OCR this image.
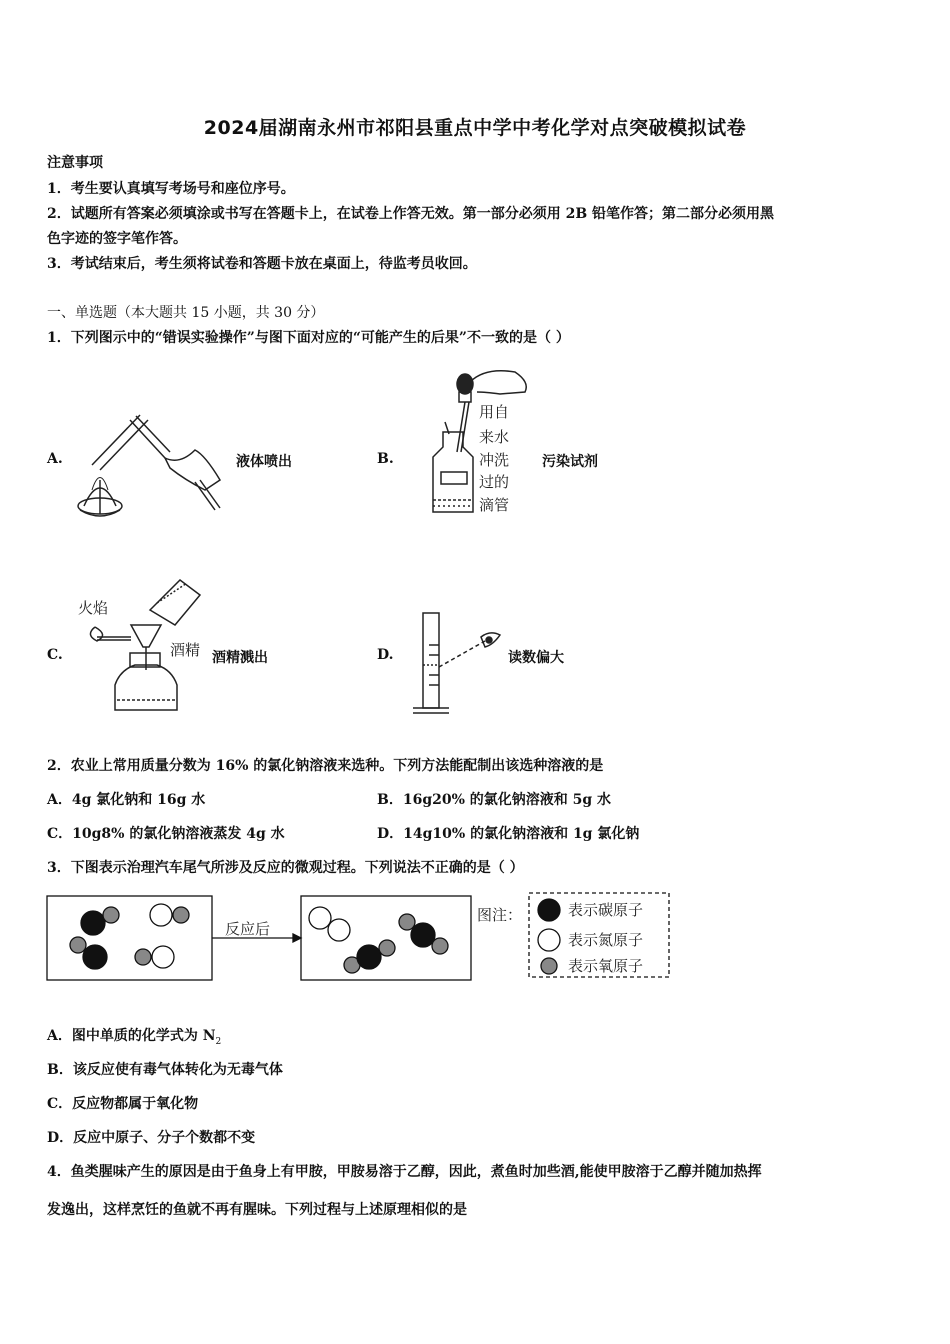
2024届湖南永州市祁阳县重点中学中考化学对点突破模拟试卷
注意事项
1．考生要认真填写考场号和座位序号。
2．试题所有答案必须填涂或书写在答题卡上，在试卷上作答无效。第一部分必须用 2B 铅笔作答；第二部分必须用黑
色字迹的签字笔作答。
3．考试结束后，考生须将试卷和答题卡放在桌面上，待监考员收回。
一、单选题（本大题共 15 小题，共 30 分）
1．下列图示中的“错误实验操作”与图下面对应的“可能产生的后果”不一致的是（ ）
A.	液体喷出	B.	污染试剂
C.	酒精溅出	D.	读数偏大
用自
来水
冲洗
过的
滴管
火焰
酒精
2．农业上常用质量分数为 16% 的氯化钠溶液来选种。下列方法能配制出该选种溶液的是
A．4g 氯化钠和 16g 水	B．16g20% 的氯化钠溶液和 5g 水
C．10g8% 的氯化钠溶液蒸发 4g 水	D．14g10% 的氯化钠溶液和 1g 氯化钠
3．下图表示治理汽车尾气所涉及反应的微观过程。下列说法不正确的是（ ）
反应后
图注：	表示碳原子
表示氮原子
表示氧原子
A．图中单质的化学式为 $N_2$
B．该反应使有毒气体转化为无毒气体
C．反应物都属于氧化物
D．反应中原子、分子个数都不变
4．鱼类腥味产生的原因是由于鱼身上有甲胺，甲胺易溶于乙醇，因此，煮鱼时加些酒,能使甲胺溶于乙醇并随加热挥
发逸出，这样烹饪的鱼就不再有腥味。下列过程与上述原理相似的是
